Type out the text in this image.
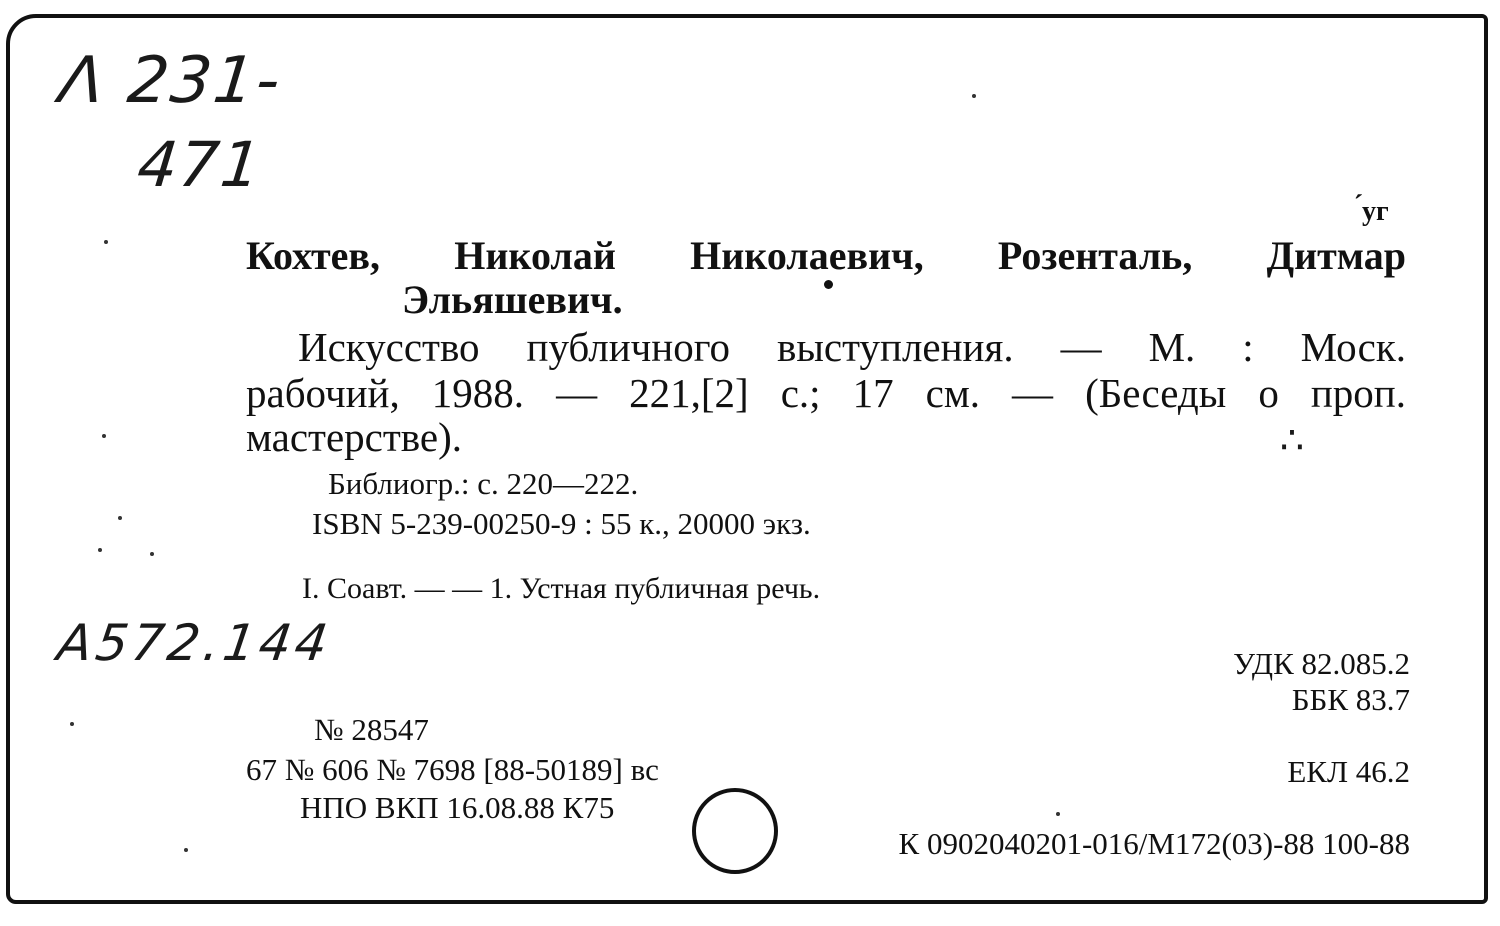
Λ 231-
471
́уг
Кохтев, Николай Николаевич, Розенталь, Дитмар
Эльяшевич.
Искусство публичного выступления. — М. : Моск.
рабочий, 1988. — 221,[2] с.; 17 см. — (Беседы о проп.
мастерстве).	∴
Библиогр.: с. 220—222.
ISBN 5-239-00250-9 : 55 к., 20000 экз.
I. Соавт. — — 1. Устная публичная речь.
A572.144	УДК 82.085.2
ББК 83.7
ЕКЛ 46.2
№ 28547
67 № 606 № 7698 [88-50189] вс
НПО ВКП 16.08.88 К75
К 0902040201-016/М172(03)-88 100-88
